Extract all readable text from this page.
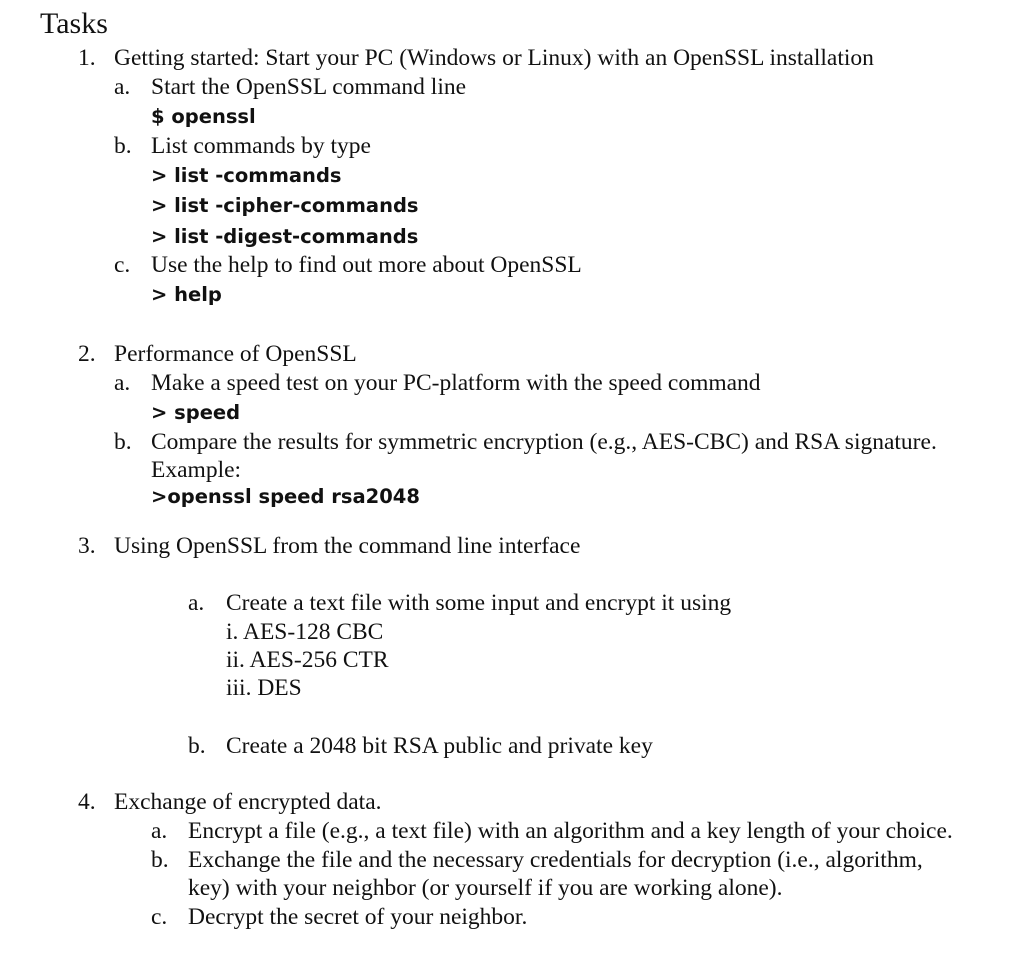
Tasks
1. Getting started: Start your PC (Windows or Linux) with an OpenSSL installation
a. Start the OpenSSL command line
$ openssl
b. List commands by type
> list -commands
> list -cipher-commands
> list -digest-commands
c. Use the help to find out more about OpenSSL
> help
2. Performance of OpenSSL
a. Make a speed test on your PC-platform with the speed command
> speed
b. Compare the results for symmetric encryption (e.g., AES-CBC) and RSA signature.
Example:
>openssl speed rsa2048
3. Using OpenSSL from the command line interface
a. Create a text file with some input and encrypt it using
i. AES-128 CBC
ii. AES-256 CTR
iii. DES
b. Create a 2048 bit RSA public and private key
4. Exchange of encrypted data.
a. Encrypt a file (e.g., a text file) with an algorithm and a key length of your choice.
b. Exchange the file and the necessary credentials for decryption (i.e., algorithm,
key) with your neighbor (or yourself if you are working alone).
c. Decrypt the secret of your neighbor.
